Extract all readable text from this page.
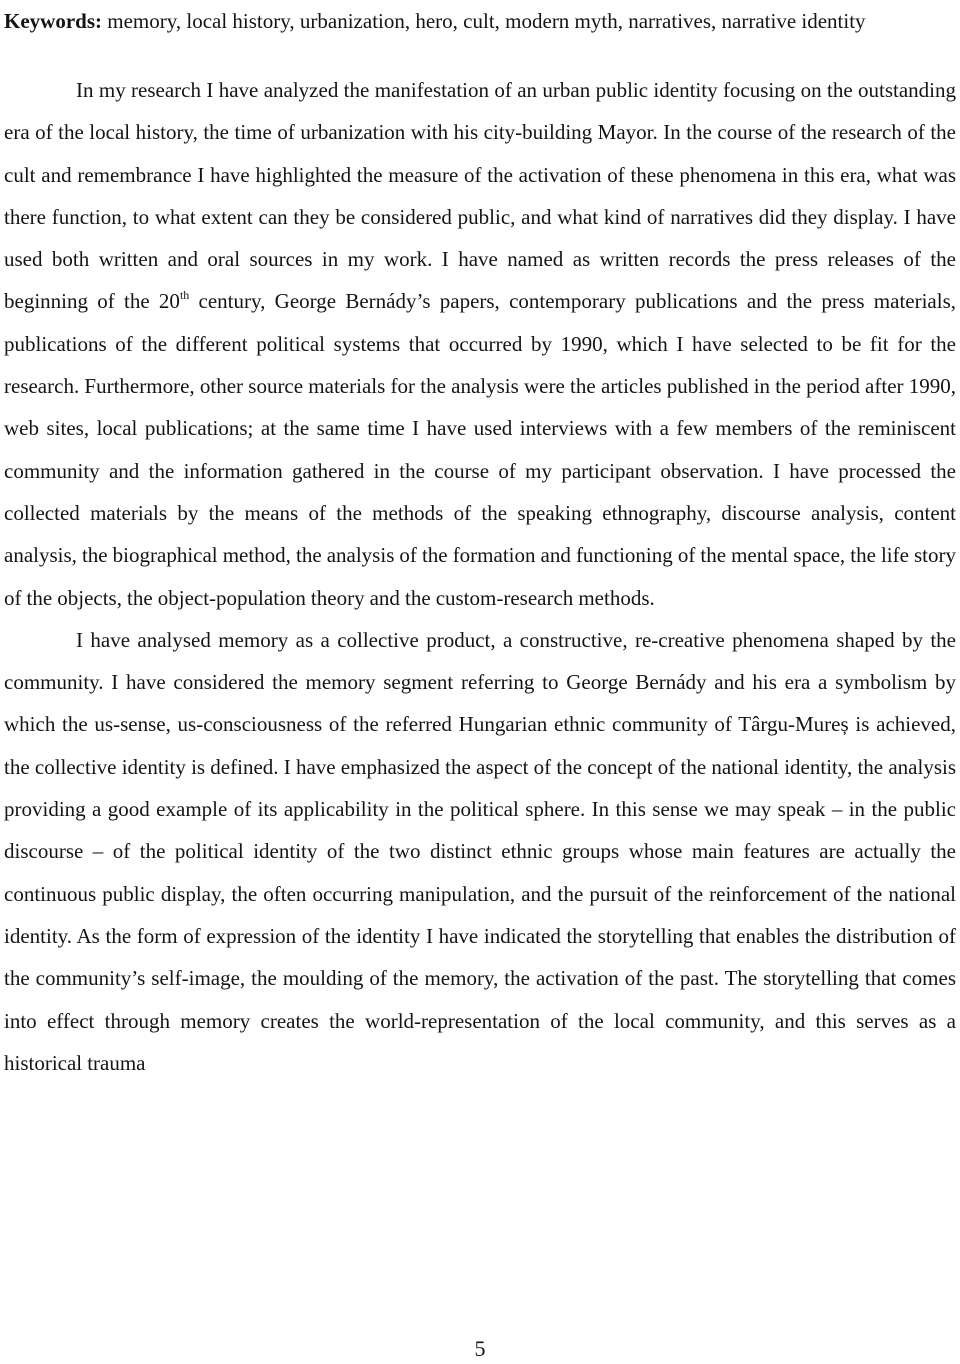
Keywords: memory, local history, urbanization, hero, cult, modern myth, narratives, narrative identity

In my research I have analyzed the manifestation of an urban public identity focusing on the outstanding era of the local history, the time of urbanization with his city-building Mayor. In the course of the research of the cult and remembrance I have highlighted the measure of the activation of these phenomena in this era, what was there function, to what extent can they be considered public, and what kind of narratives did they display. I have used both written and oral sources in my work. I have named as written records the press releases of the beginning of the 20th century, George Bernády’s papers, contemporary publications and the press materials, publications of the different political systems that occurred by 1990, which I have selected to be fit for the research. Furthermore, other source materials for the analysis were the articles published in the period after 1990, web sites, local publications; at the same time I have used interviews with a few members of the reminiscent community and the information gathered in the course of my participant observation. I have processed the collected materials by the means of the methods of the speaking ethnography, discourse analysis, content analysis, the biographical method, the analysis of the formation and functioning of the mental space, the life story of the objects, the object-population theory and the custom-research methods.

I have analysed memory as a collective product, a constructive, re-creative phenomena shaped by the community. I have considered the memory segment referring to George Bernády and his era a symbolism by which the us-sense, us-consciousness of the referred Hungarian ethnic community of Târgu-Mureș is achieved, the collective identity is defined. I have emphasized the aspect of the concept of the national identity, the analysis providing a good example of its applicability in the political sphere. In this sense we may speak – in the public discourse – of the political identity of the two distinct ethnic groups whose main features are actually the continuous public display, the often occurring manipulation, and the pursuit of the reinforcement of the national identity. As the form of expression of the identity I have indicated the storytelling that enables the distribution of the community’s self-image, the moulding of the memory, the activation of the past. The storytelling that comes into effect through memory creates the world-representation of the local community, and this serves as a historical trauma

5
